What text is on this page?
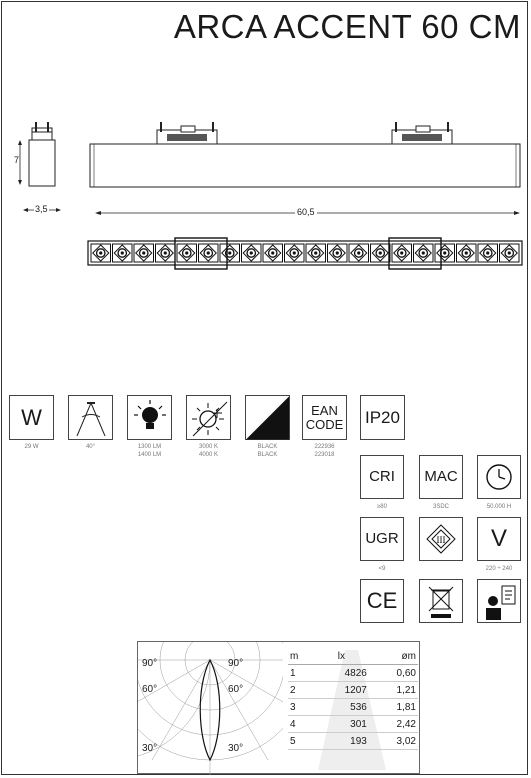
ARCA ACCENT 60 CM
7
3,5	60,5
90°	90°
60°	60°
30°	30°
m	lx	øm
1	4826	0,60
2	1207	1,21
3	536	1,81
4	301	2,42
5	193	3,02
W
29 W	40°	1300 LM
1400 LM
3000 K
4000 K
BLACK
BLACK
EAN CODE
222936
223018
IP20
CRI
≥80
MAC
3SDC	50.000 H
UGR
<9
III V
220 ÷ 240
CE
